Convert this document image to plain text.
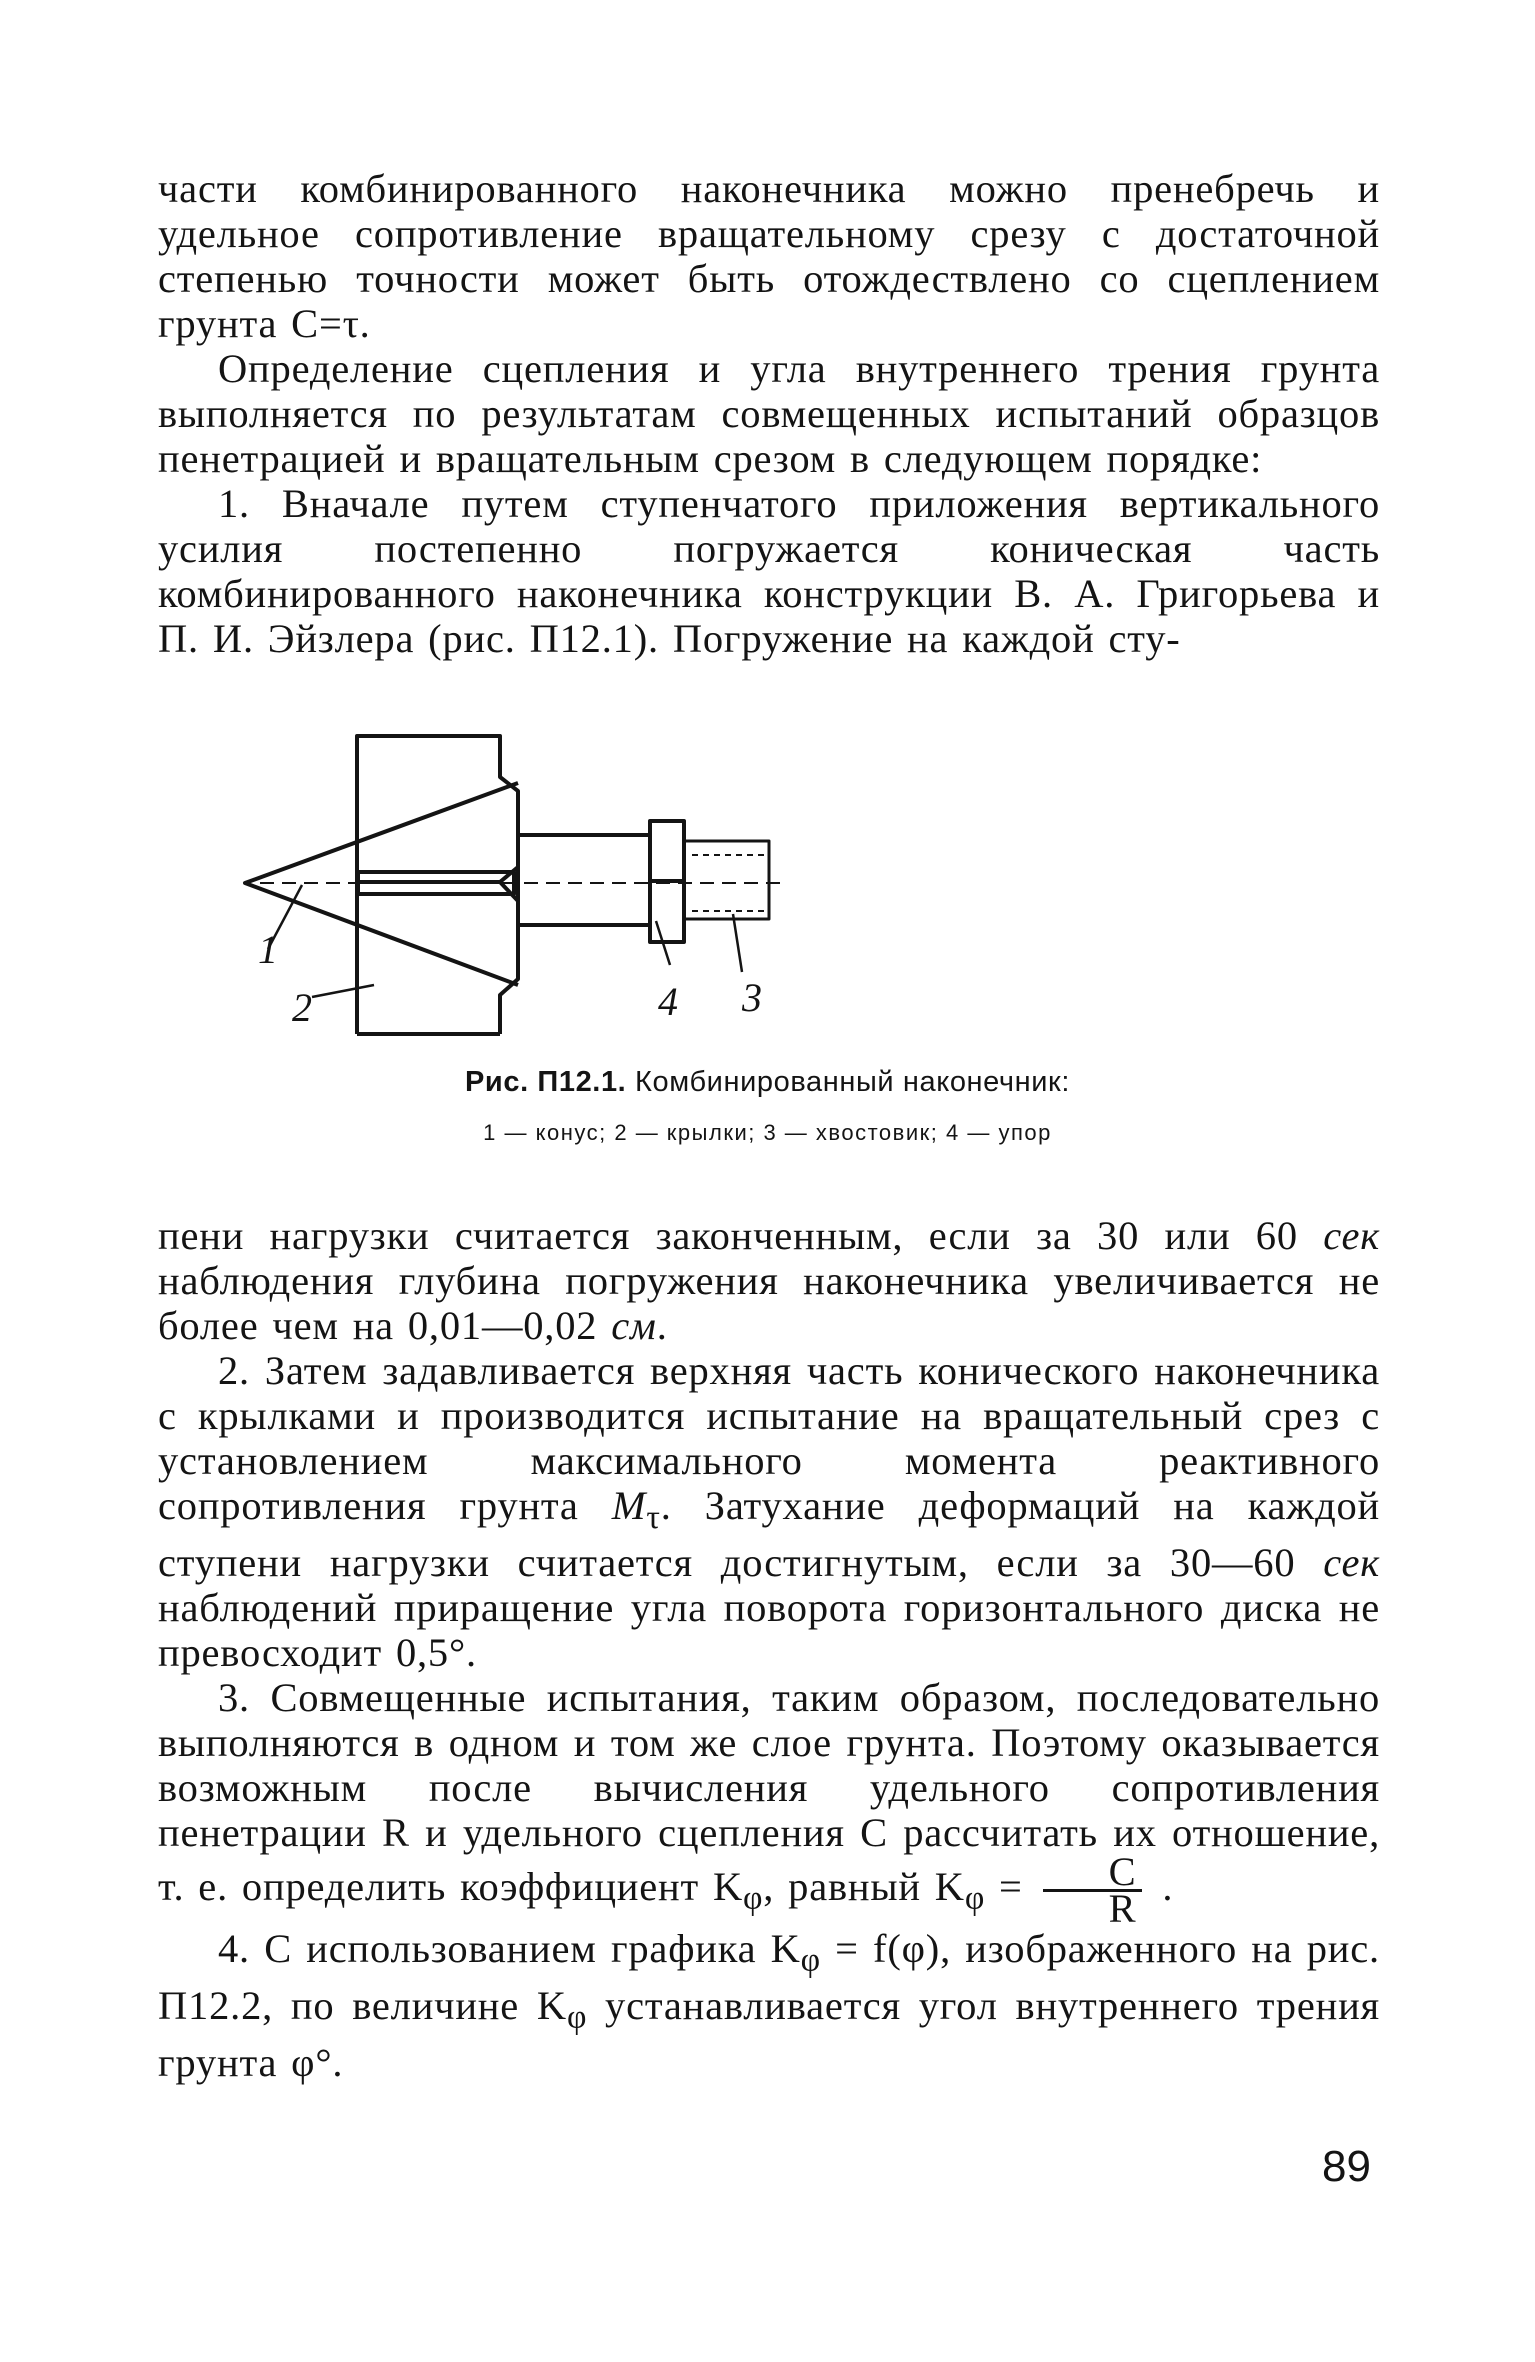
части комбинированного наконечника можно пренебречь и удельное сопротивление вращательному срезу с достаточной степенью точности может быть отождествлено со сцеплением грунта C=τ.

Определение сцепления и угла внутреннего трения грунта выполняется по результатам совмещенных испытаний образцов пенетрацией и вращательным срезом в следующем порядке:

1. Вначале путем ступенчатого приложения вертикального усилия постепенно погружается коническая часть комбинированного наконечника конструкции В. А. Григорьева и П. И. Эйзлера (рис. П12.1). Погружение на каждой сту-

1
2	4 3
Рис. П12.1. Комбинированный наконечник:
1 — конус; 2 — крылки; 3 — хвостовик; 4 — упор

пени нагрузки считается законченным, если за 30 или 60 сек наблюдения глубина погружения наконечника увеличивается не более чем на 0,01—0,02 см.

2. Затем задавливается верхняя часть конического наконечника с крылками и производится испытание на вращательный срез с установлением максимального момента реактивного сопротивления грунта $M_\tau$. Затухание деформаций на каждой ступени нагрузки считается достигнутым, если за 30—60 сек наблюдений приращение угла поворота горизонтального диска не превосходит 0,5°.

3. Совмещенные испытания, таким образом, последовательно выполняются в одном и том же слое грунта. Поэтому оказывается возможным после вычисления удельного сопротивления пенетрации R и удельного сцепления C рассчитать их отношение, т. е. определить коэффициент $K_\varphi$, равный $K_\varphi = \frac{C}{R}$ .

4. С использованием графика $K_\varphi = f(\varphi)$, изображенного на рис. П12.2, по величине $K_\varphi$ устанавливается угол внутреннего трения грунта φ°.

89
